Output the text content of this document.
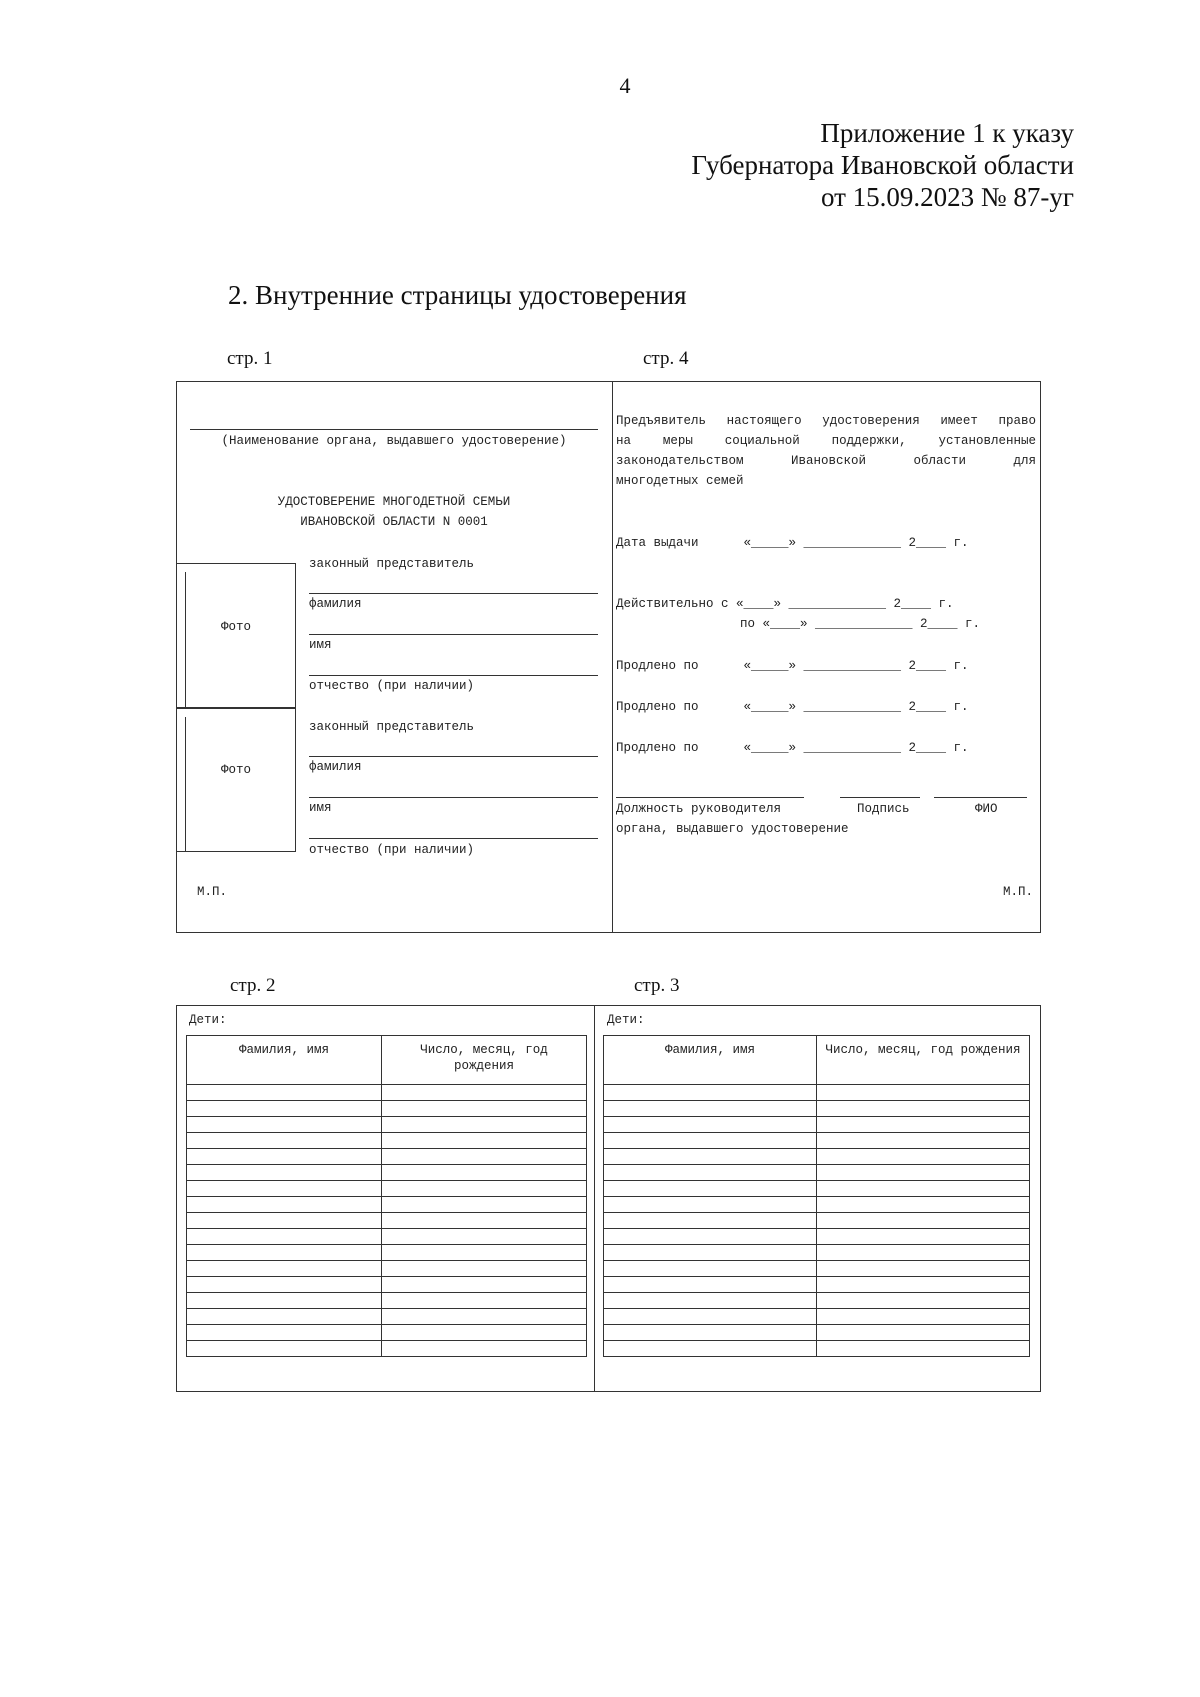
4
Приложение 1 к указу
Губернатора Ивановской области
от 15.09.2023 № 87-уг
2. Внутренние страницы удостоверения
стр. 1	стр. 4
(Наименование органа, выдавшего удостоверение)
УДОСТОВЕРЕНИЕ МНОГОДЕТНОЙ СЕМЬИ
ИВАНОВСКОЙ ОБЛАСТИ N 0001
Фото
законный представитель
фамилия
имя
отчество (при наличии)
Фото
законный представитель
фамилия
имя
отчество (при наличии)
М.П.
Предъявитель настоящего удостоверения имеет право
на	меры	социальной	поддержки,	установленные
законодательством	Ивановской	области	для
многодетных семей
Дата выдачи      «_____» _____________ 2____ г.
Действительно с «____» _____________ 2____ г.
по «____» _____________ 2____ г.
Продлено по      «_____» _____________ 2____ г.
Продлено по      «_____» _____________ 2____ г.
Продлено по      «_____» _____________ 2____ г.
Должность руководителя	Подпись	ФИО
органа, выдавшего удостоверение
М.П.
стр. 2	стр. 3
Дети:	Дети:
Фамилия, имя	Число, месяц, год рождения

Фамилия, имя	Число, месяц, год рождения
